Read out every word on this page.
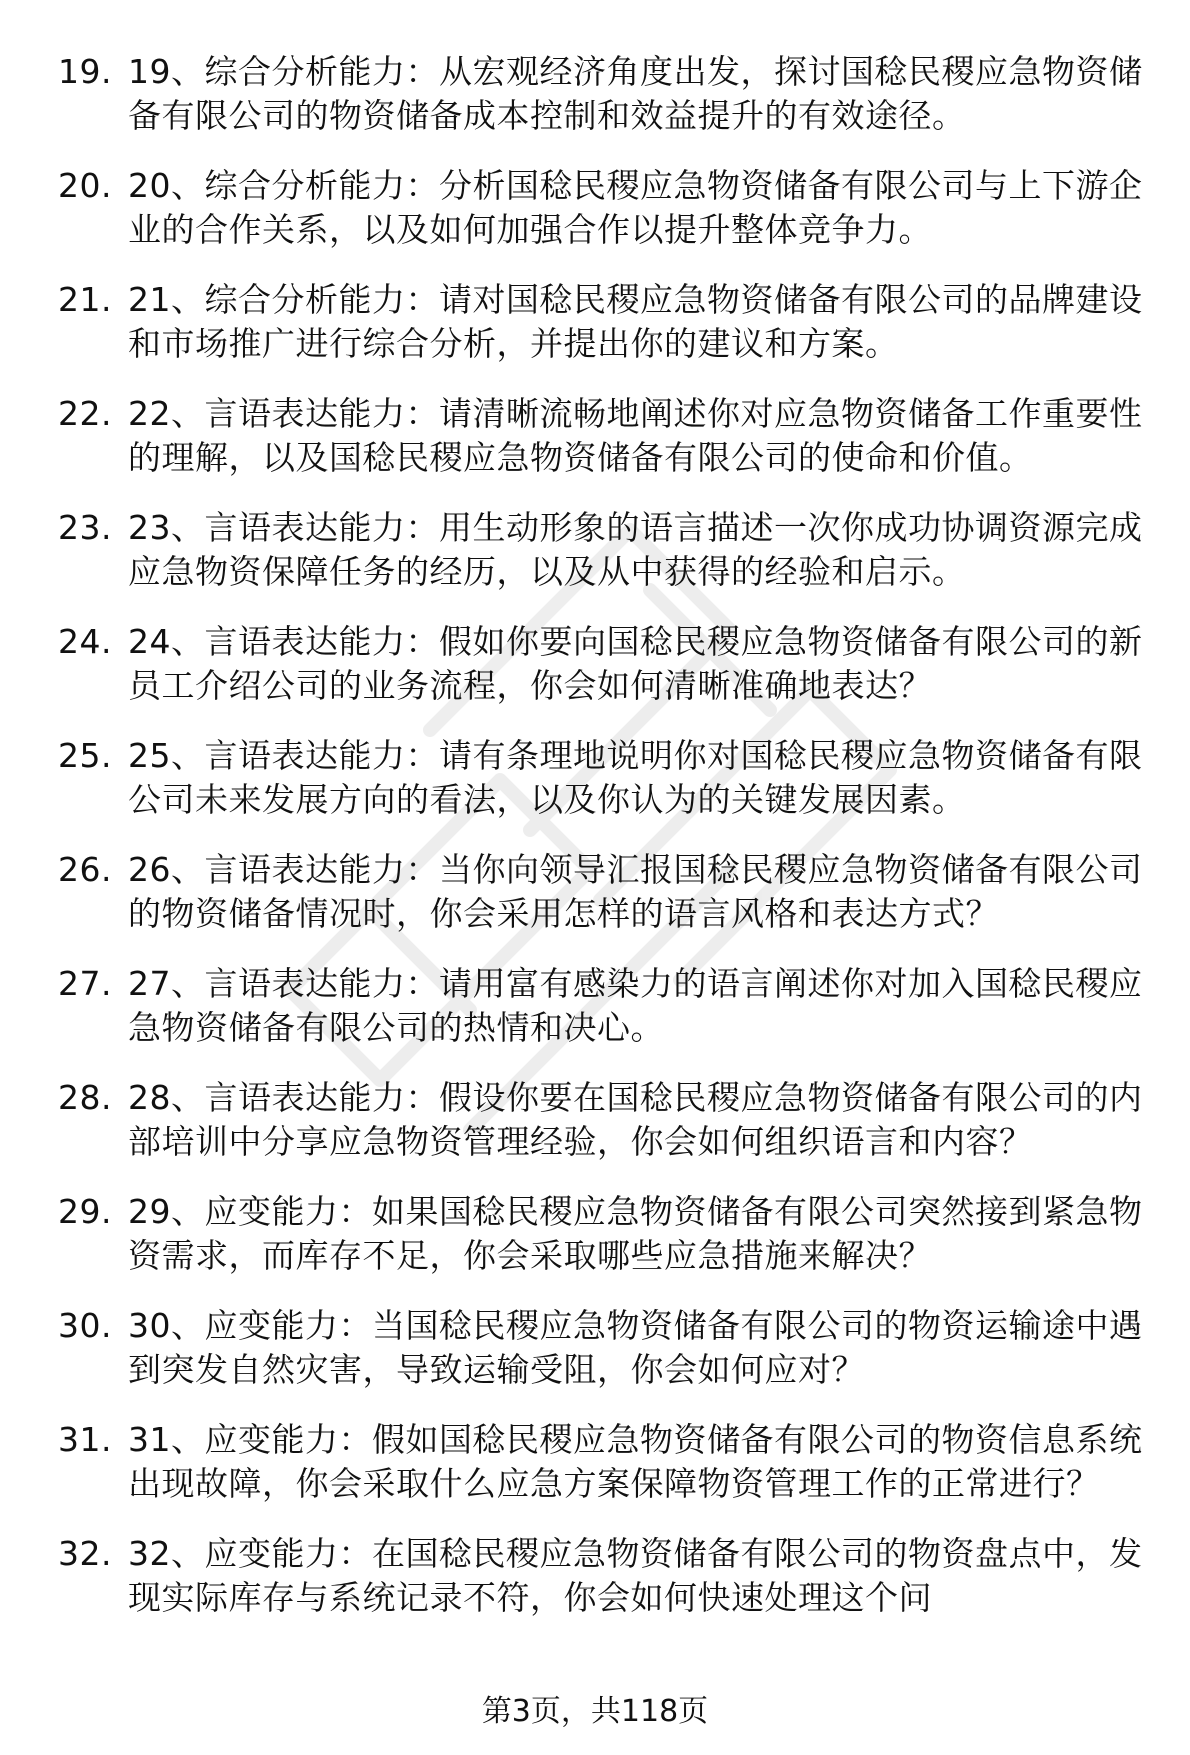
19. 19、综合分析能力：从宏观经济角度出发，探讨国稔民稷应急物资储备有限公司的物资储备成本控制和效益提升的有效途径。
20. 20、综合分析能力：分析国稔民稷应急物资储备有限公司与上下游企业的合作关系，以及如何加强合作以提升整体竞争力。
21. 21、综合分析能力：请对国稔民稷应急物资储备有限公司的品牌建设和市场推广进行综合分析，并提出你的建议和方案。
22. 22、言语表达能力：请清晰流畅地阐述你对应急物资储备工作重要性的理解，以及国稔民稷应急物资储备有限公司的使命和价值。
23. 23、言语表达能力：用生动形象的语言描述一次你成功协调资源完成应急物资保障任务的经历，以及从中获得的经验和启示。
24. 24、言语表达能力：假如你要向国稔民稷应急物资储备有限公司的新员工介绍公司的业务流程，你会如何清晰准确地表达？
25. 25、言语表达能力：请有条理地说明你对国稔民稷应急物资储备有限公司未来发展方向的看法，以及你认为的关键发展因素。
26. 26、言语表达能力：当你向领导汇报国稔民稷应急物资储备有限公司的物资储备情况时，你会采用怎样的语言风格和表达方式？
27. 27、言语表达能力：请用富有感染力的语言阐述你对加入国稔民稷应急物资储备有限公司的热情和决心。
28. 28、言语表达能力：假设你要在国稔民稷应急物资储备有限公司的内部培训中分享应急物资管理经验，你会如何组织语言和内容？
29. 29、应变能力：如果国稔民稷应急物资储备有限公司突然接到紧急物资需求，而库存不足，你会采取哪些应急措施来解决？
30. 30、应变能力：当国稔民稷应急物资储备有限公司的物资运输途中遇到突发自然灾害，导致运输受阻，你会如何应对？
31. 31、应变能力：假如国稔民稷应急物资储备有限公司的物资信息系统出现故障，你会采取什么应急方案保障物资管理工作的正常进行？
32. 32、应变能力：在国稔民稷应急物资储备有限公司的物资盘点中，发现实际库存与系统记录不符，你会如何快速处理这个问
第3页，共118页
